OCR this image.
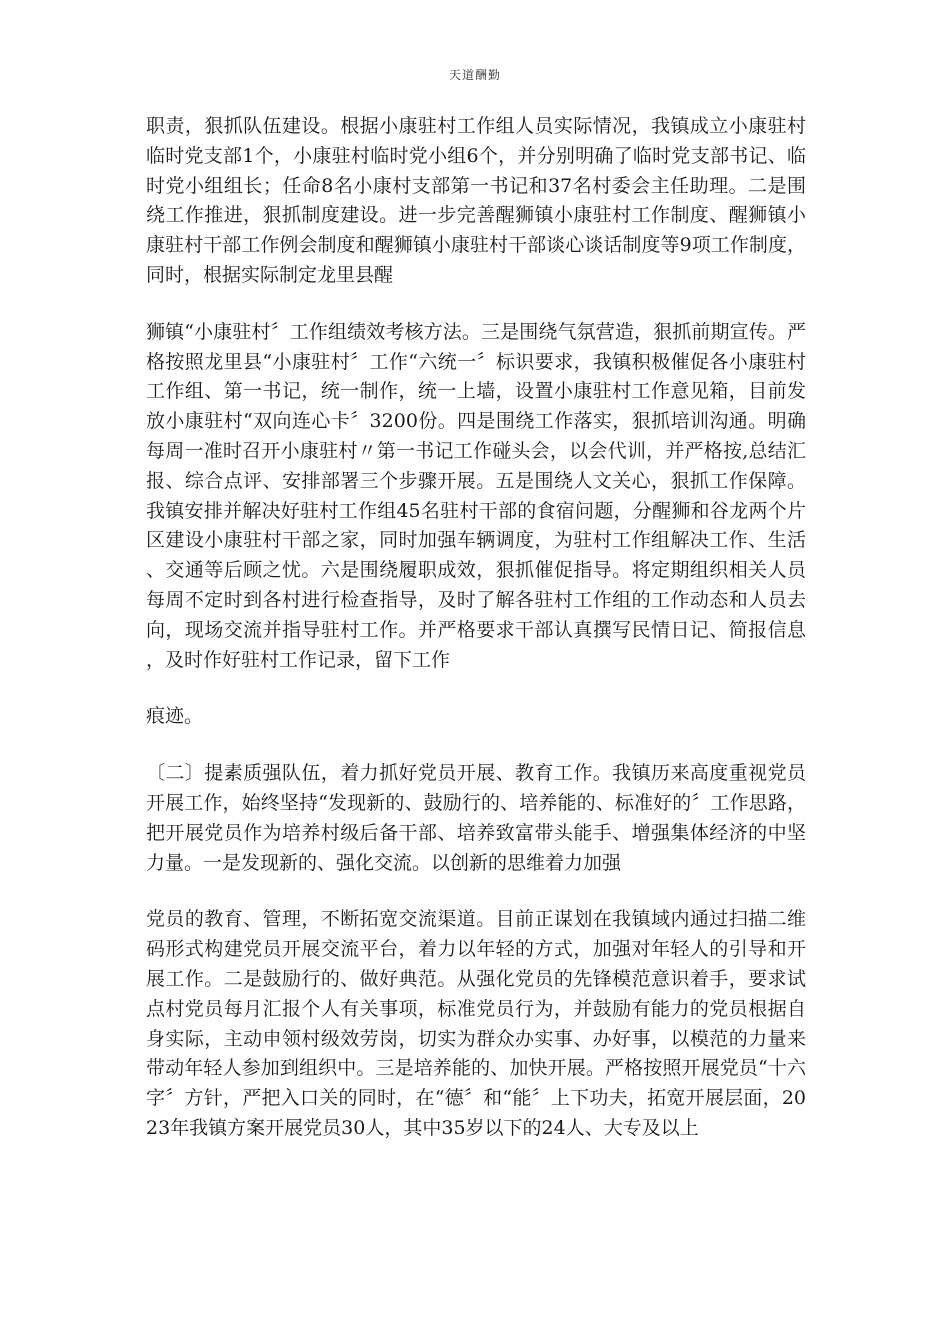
天道酬勤

职责，狠抓队伍建设。根据小康驻村工作组人员实际情况，我镇成立小康驻村临时党支部1个，小康驻村临时党小组6个，并分别明确了临时党支部书记、临时党小组组长；任命8名小康村支部第一书记和37名村委会主任助理。二是围绕工作推进，狠抓制度建设。进一步完善醒狮镇小康驻村工作制度、醒狮镇小康驻村干部工作例会制度和醒狮镇小康驻村干部谈心谈话制度等9项工作制度，同时，根据实际制定龙里县醒

狮镇“小康驻村〞工作组绩效考核方法。三是围绕气氛营造，狠抓前期宣传。严格按照龙里县“小康驻村〞工作“六统一〞标识要求，我镇积极催促各小康驻村工作组、第一书记，统一制作，统一上墙，设置小康驻村工作意见箱，目前发放小康驻村“双向连心卡〞3200份。四是围绕工作落实，狠抓培训沟通。明确每周一准时召开小康驻村〃第一书记工作碰头会，以会代训，并严格按,总结汇报、综合点评、安排部署三个步骤开展。五是围绕人文关心，狠抓工作保障。我镇安排并解决好驻村工作组45名驻村干部的食宿问题，分醒狮和谷龙两个片区建设小康驻村干部之家，同时加强车辆调度，为驻村工作组解决工作、生活、交通等后顾之忧。六是围绕履职成效，狠抓催促指导。将定期组织相关人员每周不定时到各村进行检查指导，及时了解各驻村工作组的工作动态和人员去向，现场交流并指导驻村工作。并严格要求干部认真撰写民情日记、简报信息，及时作好驻村工作记录，留下工作

痕迹。

〔二〕提素质强队伍，着力抓好党员开展、教育工作。我镇历来高度重视党员开展工作，始终坚持“发现新的、鼓励行的、培养能的、标准好的〞工作思路，把开展党员作为培养村级后备干部、培养致富带头能手、增强集体经济的中坚力量。一是发现新的、强化交流。以创新的思维着力加强

党员的教育、管理，不断拓宽交流渠道。目前正谋划在我镇域内通过扫描二维码形式构建党员开展交流平台，着力以年轻的方式，加强对年轻人的引导和开展工作。二是鼓励行的、做好典范。从强化党员的先锋模范意识着手，要求试点村党员每月汇报个人有关事项，标准党员行为，并鼓励有能力的党员根据自身实际，主动申领村级效劳岗，切实为群众办实事、办好事，以模范的力量来带动年轻人参加到组织中。三是培养能的、加快开展。严格按照开展党员“十六字〞方针，严把入口关的同时，在“德〞和“能〞上下功夫，拓宽开展层面，2023年我镇方案开展党员30人，其中35岁以下的24人、大专及以上
